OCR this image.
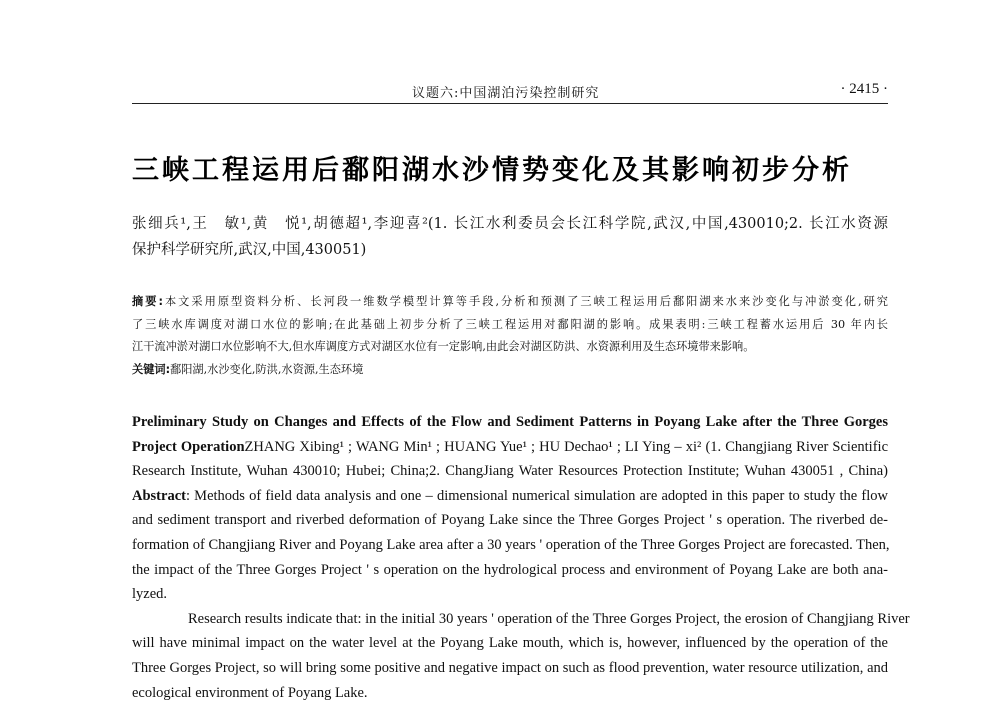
议题六:中国湖泊污染控制研究	· 2415 ·
三峡工程运用后鄱阳湖水沙情势变化及其影响初步分析
张细兵¹,王　敏¹,黄　悦¹,胡德超¹,李迎喜²(1. 长江水利委员会长江科学院,武汉,中国,430010;2. 长江水资源
保护科学研究所,武汉,中国,430051)
摘要:本文采用原型资料分析、长河段一维数学模型计算等手段,分析和预测了三峡工程运用后鄱阳湖来水来沙变化与冲淤变化,研究
了三峡水库调度对湖口水位的影响;在此基础上初步分析了三峡工程运用对鄱阳湖的影响。成果表明:三峡工程蓄水运用后 30 年内长
江干流冲淤对湖口水位影响不大,但水库调度方式对湖区水位有一定影响,由此会对湖区防洪、水资源利用及生态环境带来影响。
关键词:鄱阳湖,水沙变化,防洪,水资源,生态环境
Preliminary Study on Changes and Effects of the Flow and Sediment Patterns in Poyang Lake after the Three Gorges
Project OperationZHANG Xibing¹ ; WANG Min¹ ; HUANG Yue¹ ; HU Dechao¹ ; LI Ying – xi² (1. Changjiang River Scientific
Research Institute, Wuhan 430010; Hubei; China;2. ChangJiang Water Resources Protection Institute; Wuhan 430051 , China)
Abstract: Methods of field data analysis and one – dimensional numerical simulation are adopted in this paper to study the flow
and sediment transport and riverbed deformation of Poyang Lake since the Three Gorges Project ' s operation. The riverbed de-
formation of Changjiang River and Poyang Lake area after a 30 years ' operation of the Three Gorges Project are forecasted. Then,
the impact of the Three Gorges Project ' s operation on the hydrological process and environment of Poyang Lake are both ana-
lyzed.
Research results indicate that: in the initial 30 years ' operation of the Three Gorges Project, the erosion of Changjiang River
will have minimal impact on the water level at the Poyang Lake mouth, which is, however, influenced by the operation of the
Three Gorges Project, so will bring some positive and negative impact on such as flood prevention, water resource utilization, and
ecological environment of Poyang Lake.
